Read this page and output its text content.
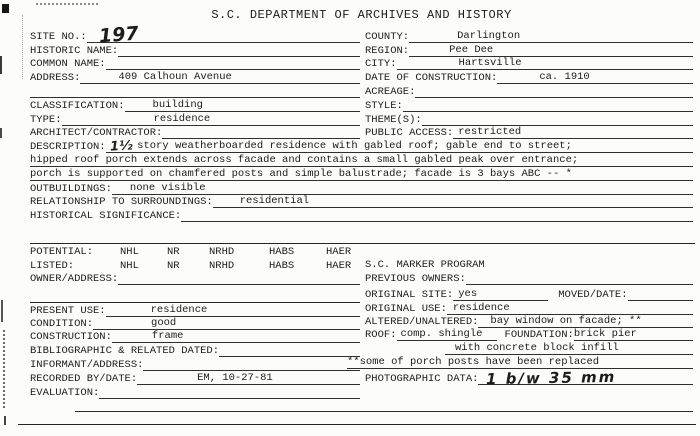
S.C. DEPARTMENT OF ARCHIVES AND HISTORY
SITE NO.: 197
HISTORIC NAME:
COMMON NAME:
ADDRESS:	409 Calhoun Avenue
CLASSIFICATION:	building
TYPE:	residence
ARCHITECT/CONTRACTOR:
COUNTY:	Darlington
REGION:	Pee Dee
CITY:	Hartsville
DATE OF CONSTRUCTION:	ca. 1910
ACREAGE:
STYLE:
THEME(S):
PUBLIC ACCESS: restricted
DESCRIPTION: 1½ story weatherboarded residence with gabled roof; gable end to street;
hipped roof porch extends across facade and contains a small gabled peak over entrance;
porch is supported on chamfered posts and simple balustrade; facade is 3 bays ABC -- *
OUTBUILDINGS: none visible
RELATIONSHIP TO SURROUNDINGS:	residential
HISTORICAL SIGNIFICANCE:
POTENTIAL:	NHL	NR	NRHD	HABS	HAER
LISTED:	NHL	NR	NRHD	HABS	HAER
OWNER/ADDRESS:
PRESENT USE:	residence
CONDITION:	good
CONSTRUCTION:	frame
BIBLIOGRAPHIC & RELATED DATED:
INFORMANT/ADDRESS:
RECORDED BY/DATE:	EM, 10-27-81
EVALUATION:
S.C. MARKER PROGRAM
PREVIOUS OWNERS:
ORIGINAL SITE: yes	MOVED/DATE:
ORIGINAL USE: residence
ALTERED/UNALTERED: bay window on facade; **
ROOF: comp. shingle FOUNDATION: brick pier
with concrete block infill
**some of porch posts have been replaced
PHOTOGRAPHIC DATA: 1 b/w 35 mm
